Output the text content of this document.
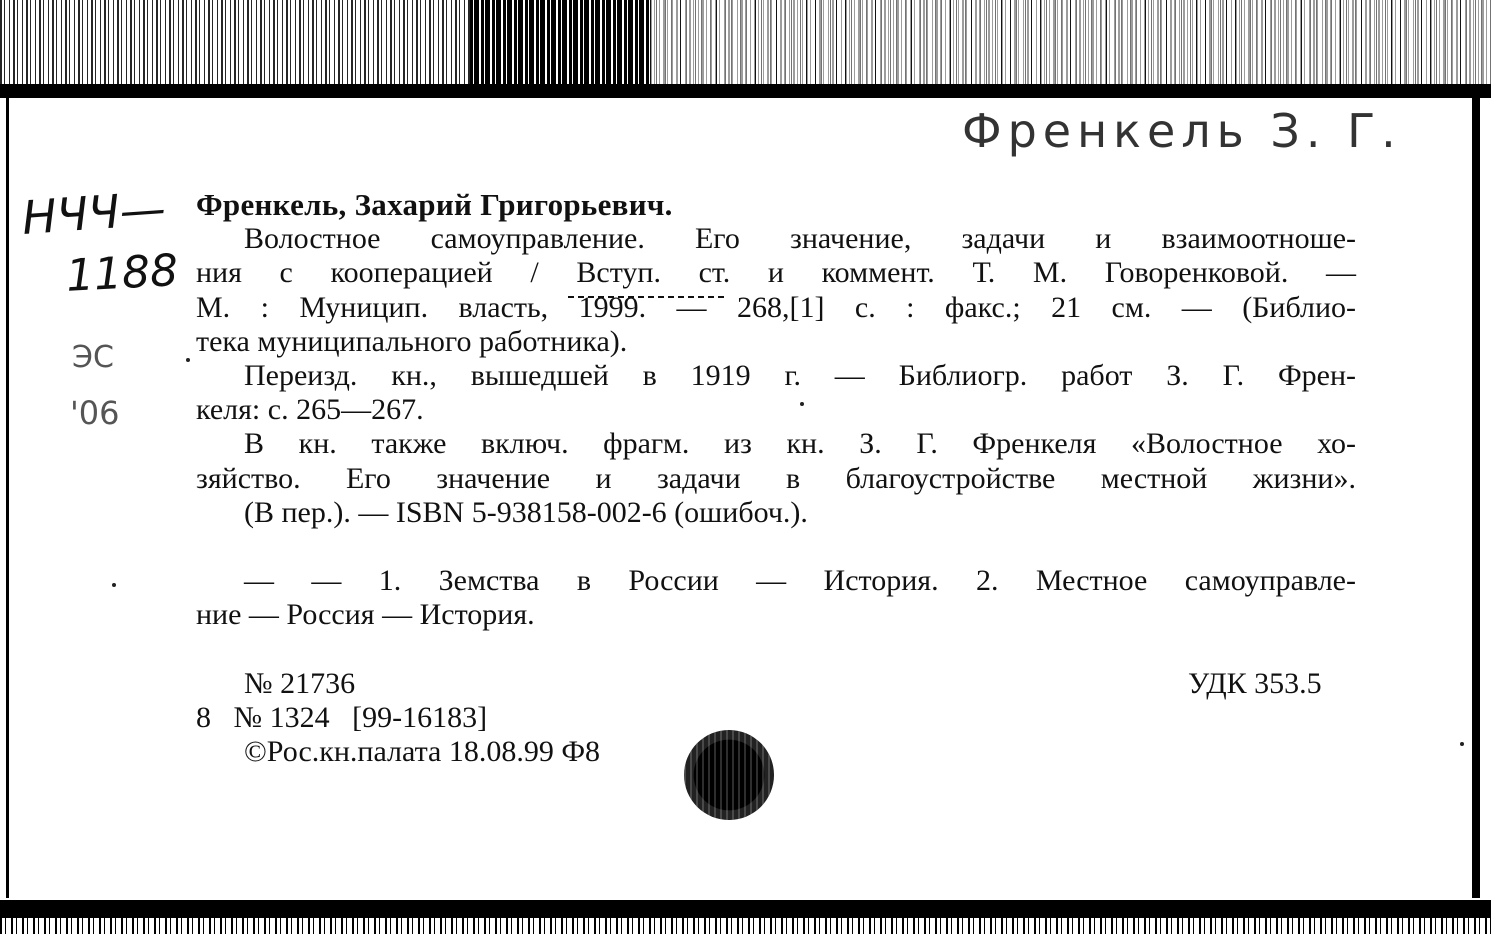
Френкель З. Г.
НЧЧ—
1188
ЭС
'06
Френкель, Захарий Григорьевич.
Волостное самоуправление. Его значение, задачи и взаимоотноше-
ния с кооперацией / Вступ. ст. и коммент. Т. М. Говоренковой. —
М. : Муницип. власть, 1999. — 268,[1] с. : факс.; 21 см. — (Библио-
тека муниципального работника).
Переизд. кн., вышедшей в 1919 г. — Библиогр. работ З. Г. Френ-
келя: с. 265—267.
В кн. также включ. фрагм. из кн. З. Г. Френкеля «Волостное хо-
зяйство. Его значение и задачи в благоустройстве местной жизни».
(В пер.). — ISBN 5-938158-002-6 (ошибоч.).
— — 1. Земства в России — История. 2. Местное самоуправле-
ние — Россия — История.
№ 21736	УДК 353.5
8   № 1324   [99-16183]
©Рос.кн.палата 18.08.99 Ф8
